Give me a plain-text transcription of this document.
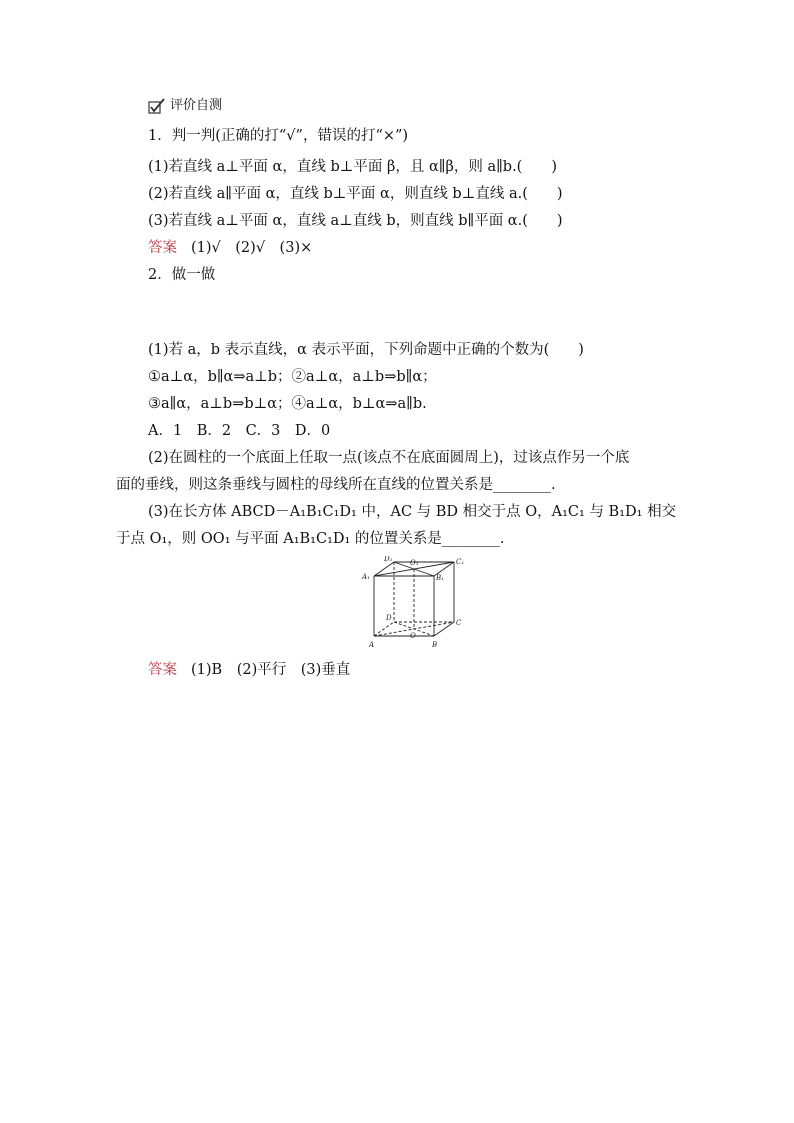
评价自测
1．判一判(正确的打“√”，错误的打“×”)
(1)若直线 a⊥平面 α，直线 b⊥平面 β，且 α∥β，则 a∥b.(　　)
(2)若直线 a∥平面 α，直线 b⊥平面 α，则直线 b⊥直线 a.(　　)
(3)若直线 a⊥平面 α，直线 a⊥直线 b，则直线 b∥平面 α.(　　)
答案 (1)√　(2)√　(3)×
2．做一做
(1)若 a，b 表示直线，α 表示平面，下列命题中正确的个数为(　　)
①a⊥α，b∥α⇒a⊥b；②a⊥α，a⊥b⇒b∥α；
③a∥α，a⊥b⇒b⊥α；④a⊥α，b⊥α⇒a∥b.
A．1　B．2　C．3　D．0
(2)在圆柱的一个底面上任取一点(该点不在底面圆周上)，过该点作另一个底
面的垂线，则这条垂线与圆柱的母线所在直线的位置关系是________.
(3)在长方体 ABCD－A₁B₁C₁D₁ 中，AC 与 BD 相交于点 O，A₁C₁ 与 B₁D₁ 相交
于点 O₁，则 OO₁ 与平面 A₁B₁C₁D₁ 的位置关系是________.
A₁	B₁
C₁
D₁	O₁
A	B
C
D
O
答案 (1)B　(2)平行　(3)垂直
